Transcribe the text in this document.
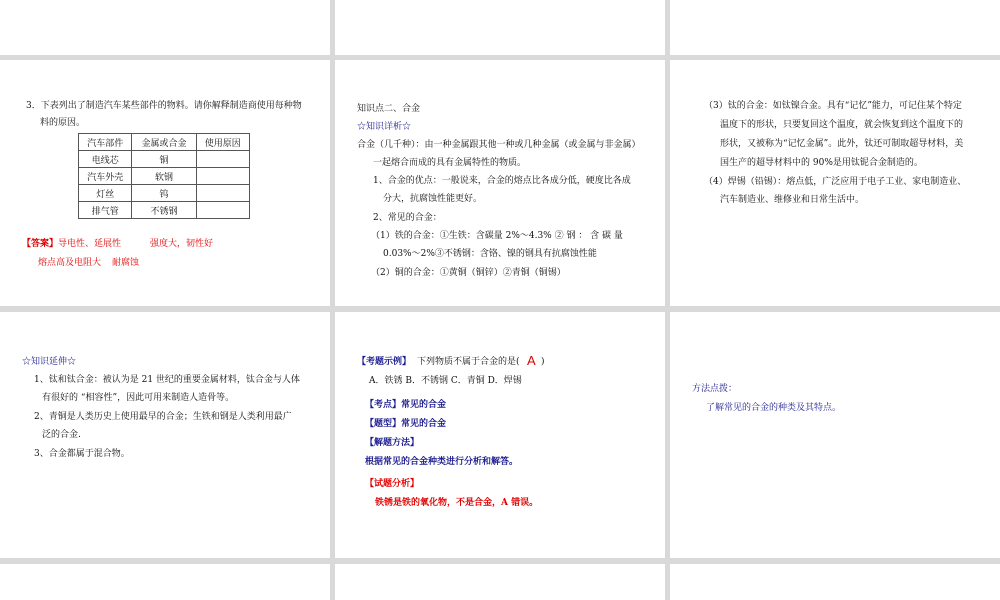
3．下表列出了制造汽车某些部件的物料。请你解释制造商使用每种物
料的原因。
汽车部件	金属或合金	使用原因
电线芯	铜	
汽车外壳	软钢	
灯丝	钨	
排气管	不锈钢	
【答案】 导电性、延展性	强度大，韧性好
熔点高及电阻大 耐腐蚀
知识点二、合金
☆知识详析☆
合金（几千种）：由一种金属跟其他一种或几种金属（或金属与非金属）
一起熔合而成的具有金属特性的物质。
1、合金的优点：一般说来，合金的熔点比各成分低，硬度比各成
分大，抗腐蚀性能更好。
2、常见的合金：
（1）铁的合金：①生铁：含碳量 2%～4.3% ② 钢 ： 含 碳 量
0.03%～2%③不锈钢：含铬、镍的钢具有抗腐蚀性能
（2）铜的合金：①黄铜（铜锌）②青铜（铜锡）
（3）钛的合金：如钛镍合金。具有“记忆”能力，可记住某个特定
温度下的形状，只要复回这个温度，就会恢复到这个温度下的
形状，又被称为“记忆金属”。此外，钛还可制取超导材料，美
国生产的超导材料中的 90%是用钛铌合金制造的。
（4）焊锡（铅锡）：熔点低，广泛应用于电子工业、家电制造业、
汽车制造业、维修业和日常生活中。
☆知识延伸☆
1、钛和钛合金：被认为是 21 世纪的重要金属材料，钛合金与人体
有很好的 “相容性”，因此可用来制造人造骨等。
2、青铜是人类历史上使用最早的合金；生铁和钢是人类利用最广
泛的合金.
3、合金都属于混合物。
【考题示例】 下列物质不属于合金的是( A )
A．铁锈 B．不锈钢 C．青铜 D．焊锡
【考点】 常见的合金
【题型】 常见的合金
【解题方法】
根据常见的合金种类进行分析和解答。
【试题分析】
铁锈是铁的氧化物，不是合金，A 错误。
方法点拨：
了解常见的合金的种类及其特点。
